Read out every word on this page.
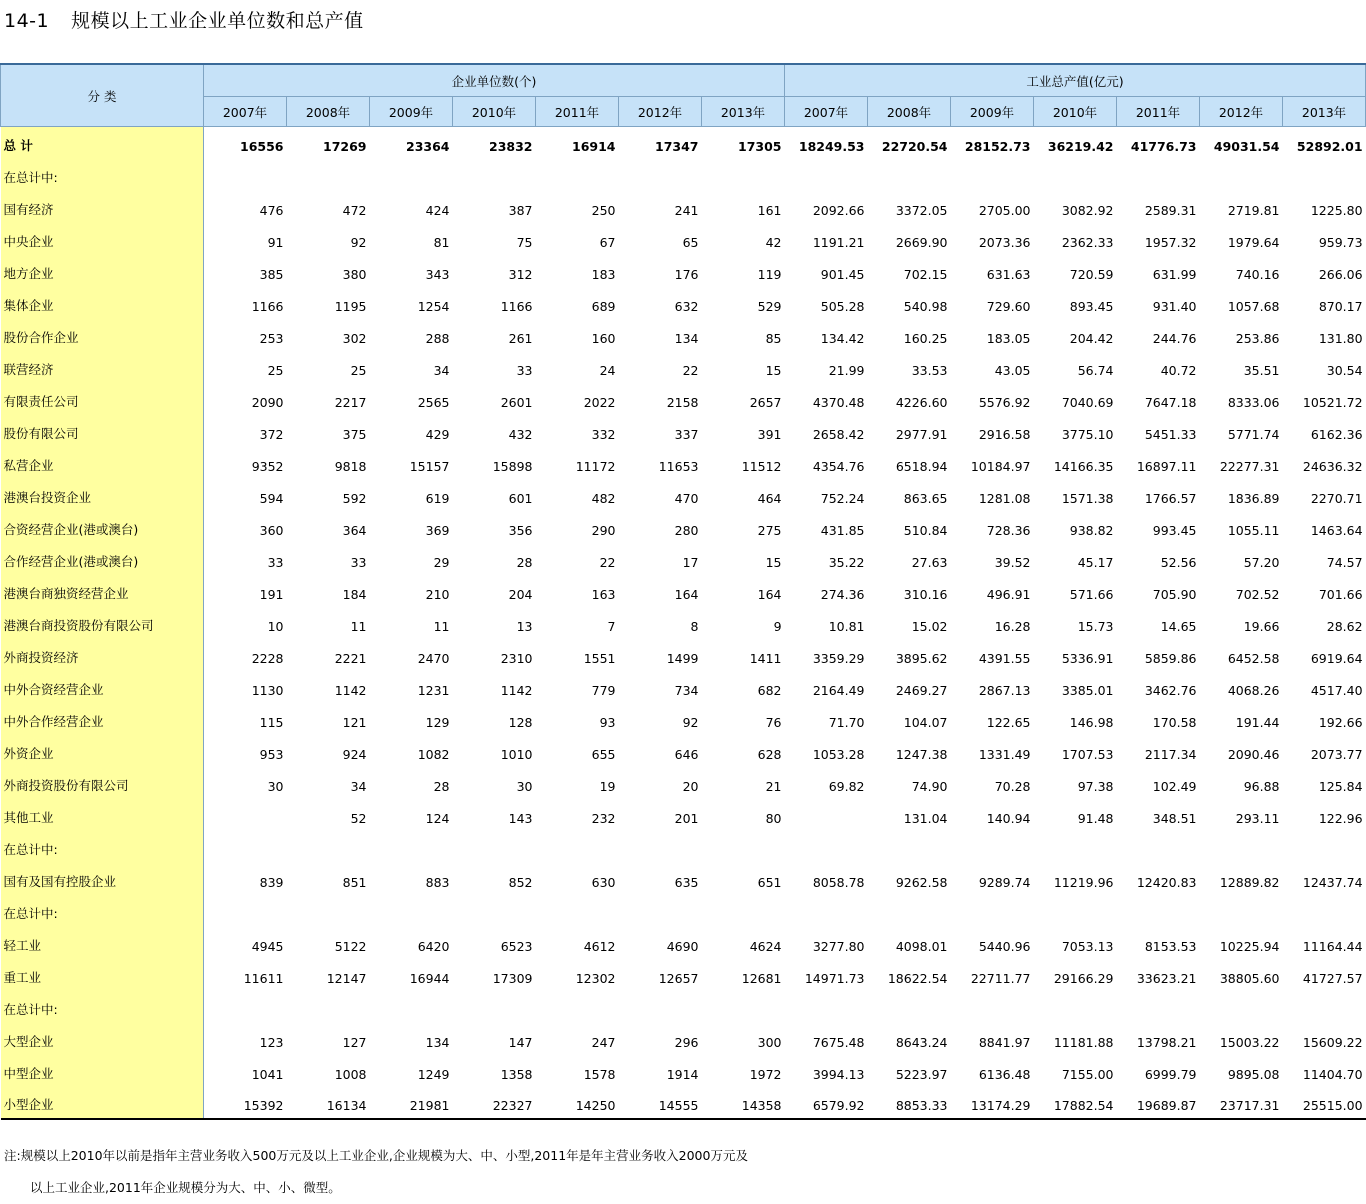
14-1 规模以上工业企业单位数和总产值
分 类	企业单位数(个)							工业总产值(亿元)						
	2007年	2008年	2009年	2010年	2011年	2012年	2013年	2007年	2008年	2009年	2010年	2011年	2012年	2013年
总 计	16556	17269	23364	23832	16914	17347	17305	18249.53	22720.54	28152.73	36219.42	41776.73	49031.54	52892.01
在总计中:														
国有经济	476	472	424	387	250	241	161	2092.66	3372.05	2705.00	3082.92	2589.31	2719.81	1225.80
中央企业	91	92	81	75	67	65	42	1191.21	2669.90	2073.36	2362.33	1957.32	1979.64	959.73
地方企业	385	380	343	312	183	176	119	901.45	702.15	631.63	720.59	631.99	740.16	266.06
集体企业	1166	1195	1254	1166	689	632	529	505.28	540.98	729.60	893.45	931.40	1057.68	870.17
股份合作企业	253	302	288	261	160	134	85	134.42	160.25	183.05	204.42	244.76	253.86	131.80
联营经济	25	25	34	33	24	22	15	21.99	33.53	43.05	56.74	40.72	35.51	30.54
有限责任公司	2090	2217	2565	2601	2022	2158	2657	4370.48	4226.60	5576.92	7040.69	7647.18	8333.06	10521.72
股份有限公司	372	375	429	432	332	337	391	2658.42	2977.91	2916.58	3775.10	5451.33	5771.74	6162.36
私营企业	9352	9818	15157	15898	11172	11653	11512	4354.76	6518.94	10184.97	14166.35	16897.11	22277.31	24636.32
港澳台投资企业	594	592	619	601	482	470	464	752.24	863.65	1281.08	1571.38	1766.57	1836.89	2270.71
合资经营企业(港或澳台)	360	364	369	356	290	280	275	431.85	510.84	728.36	938.82	993.45	1055.11	1463.64
合作经营企业(港或澳台)	33	33	29	28	22	17	15	35.22	27.63	39.52	45.17	52.56	57.20	74.57
港澳台商独资经营企业	191	184	210	204	163	164	164	274.36	310.16	496.91	571.66	705.90	702.52	701.66
港澳台商投资股份有限公司	10	11	11	13	7	8	9	10.81	15.02	16.28	15.73	14.65	19.66	28.62
外商投资经济	2228	2221	2470	2310	1551	1499	1411	3359.29	3895.62	4391.55	5336.91	5859.86	6452.58	6919.64
中外合资经营企业	1130	1142	1231	1142	779	734	682	2164.49	2469.27	2867.13	3385.01	3462.76	4068.26	4517.40
中外合作经营企业	115	121	129	128	93	92	76	71.70	104.07	122.65	146.98	170.58	191.44	192.66
外资企业	953	924	1082	1010	655	646	628	1053.28	1247.38	1331.49	1707.53	2117.34	2090.46	2073.77
外商投资股份有限公司	30	34	28	30	19	20	21	69.82	74.90	70.28	97.38	102.49	96.88	125.84
其他工业		52	124	143	232	201	80		131.04	140.94	91.48	348.51	293.11	122.96
在总计中:														
国有及国有控股企业	839	851	883	852	630	635	651	8058.78	9262.58	9289.74	11219.96	12420.83	12889.82	12437.74
在总计中:														
轻工业	4945	5122	6420	6523	4612	4690	4624	3277.80	4098.01	5440.96	7053.13	8153.53	10225.94	11164.44
重工业	11611	12147	16944	17309	12302	12657	12681	14971.73	18622.54	22711.77	29166.29	33623.21	38805.60	41727.57
在总计中:														
大型企业	123	127	134	147	247	296	300	7675.48	8643.24	8841.97	11181.88	13798.21	15003.22	15609.22
中型企业	1041	1008	1249	1358	1578	1914	1972	3994.13	5223.97	6136.48	7155.00	6999.79	9895.08	11404.70
小型企业	15392	16134	21981	22327	14250	14555	14358	6579.92	8853.33	13174.29	17882.54	19689.87	23717.31	25515.00
注:规模以上2010年以前是指年主营业务收入500万元及以上工业企业,企业规模为大、中、小型,2011年是年主营业务收入2000万元及
以上工业企业,2011年企业规模分为大、中、小、微型。
